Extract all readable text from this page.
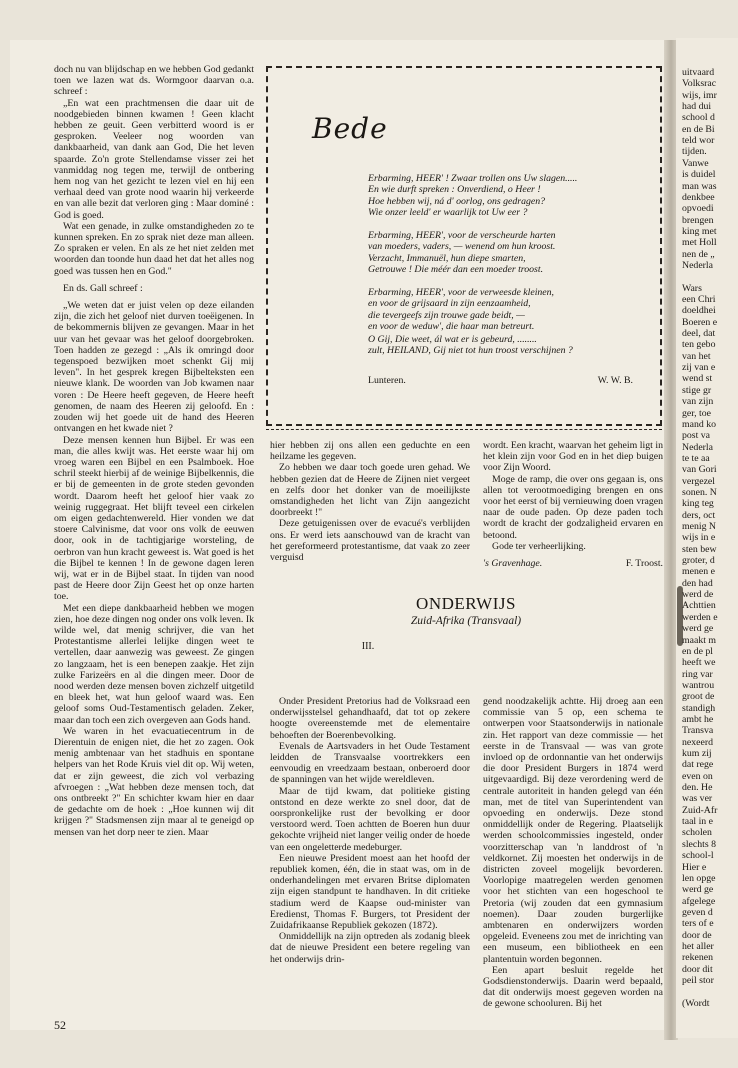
doch nu van blijdschap en we hebben God gedankt toen we lazen wat ds. Wormgoor daarvan o.a. schreef :

„En wat een prachtmensen die daar uit de noodgebieden binnen kwamen ! Geen klacht hebben ze geuit. Geen verbitterd woord is er gesproken. Veeleer nog woorden van dankbaarheid, van dank aan God, Die het leven spaarde. Zo'n grote Stellendamse visser zei het vanmiddag nog tegen me, terwijl de ontbering hem nog van het gezicht te lezen viel en hij een verhaal deed van grote nood waarin hij verkeerde en van alle bezit dat verloren ging : Maar dominé : God is goed.

Wat een genade, in zulke omstandigheden zo te kunnen spreken. En zo sprak niet deze man alleen. Zo spraken er velen. En als ze het niet zelden met woorden dan toonde hun daad het dat het alles nog goed was tussen hen en God."

En ds. Gall schreef :

„We weten dat er juist velen op deze eilanden zijn, die zich het geloof niet durven toeëigenen. In de bekommernis blijven ze gevangen. Maar in het uur van het gevaar was het geloof doorgebroken. Toen hadden ze gezegd : „Als ik omringd door tegenspoed bezwijken moet schenkt Gij mij leven". In het gesprek kregen Bijbelteksten een nieuwe klank. De woorden van Job kwamen naar voren : De Heere heeft gegeven, de Heere heeft genomen, de naam des Heeren zij geloofd. En : zouden wij het goede uit de hand des Heeren ontvangen en het kwade niet ?

Deze mensen kennen hun Bijbel. Er was een man, die alles kwijt was. Het eerste waar hij om vroeg waren een Bijbel en een Psalmboek. Hoe schril steekt hierbij af de weinige Bijbelkennis, die er bij de gemeenten in de grote steden gevonden wordt. Daarom heeft het geloof hier vaak zo weinig ruggegraat. Het blijft teveel een cirkelen om eigen gedachtenwereld. Hier vonden we dat stoere Calvinisme, dat voor ons volk de eeuwen door, ook in de tachtigjarige worsteling, de oerbron van hun kracht geweest is. Wat goed is het die Bijbel te kennen ! In de gewone dagen leren wij, wat er in de Bijbel staat. In tijden van nood past de Heere door Zijn Geest het op onze harten toe.

Met een diepe dankbaarheid hebben we mogen zien, hoe deze dingen nog onder ons volk leven. Ik wilde wel, dat menig schrijver, die van het Protestantisme allerlei lelijke dingen weet te vertellen, daar aanwezig was geweest. Ze gingen zo langzaam, het is een benepen zaakje. Het zijn zulke Farizeërs en al die dingen meer. Door de nood werden deze mensen boven zichzelf uitgetild en bleek het, wat hun geloof waard was. Een geloof soms Oud-Testamentisch geladen. Zeker, maar dan toch een zich overgeven aan Gods hand.

We waren in het evacuatiecentrum in de Dierentuin de enigen niet, die het zo zagen. Ook menig ambtenaar van het stadhuis en spontane helpers van het Rode Kruis viel dit op. Wij weten, dat er zijn geweest, die zich vol verbazing afvroegen : „Wat hebben deze mensen toch, dat ons ontbreekt ?" En schichter kwam hier en daar de gedachte om de hoek : „Hoe kunnen wij dit krijgen ?" Stadsmensen zijn maar al te geneigd op mensen van het dorp neer te zien. Maar

Bede
Erbarming, HEER' ! Zwaar trollen ons Uw slagen.....
En wie durft spreken : Onverdiend, o Heer !
Hoe hebben wij, ná d' oorlog, ons gedragen?
Wie onzer leeld' er waarlijk tot Uw eer ?
Erbarming, HEER', voor de verscheurde harten
van moeders, vaders, — wenend om hun kroost.
Verzacht, Immanuël, hun diepe smarten,
Getrouwe ! Die méér dan een moeder troost.
Erbarming, HEER', voor de verweesde kleinen,
en voor de grijsaard in zijn eenzaamheid,
die tevergeefs zijn trouwe gade beidt, —
en voor de weduw', die haar man betreurt.
O Gij, Die weet, ál wat er is gebeurd, ........
zult, HEILAND, Gij niet tot hun troost verschijnen ?
Lunteren.	W. W. B.

hier hebben zij ons allen een geduchte en een heilzame les gegeven.

Zo hebben we daar toch goede uren gehad. We hebben gezien dat de Heere de Zijnen niet vergeet en zelfs door het donker van de moeilijkste omstandigheden het licht van Zijn aangezicht doorbreekt !"

Deze getuigenissen over de evacué's verblijden ons. Er werd iets aanschouwd van de kracht van het gereformeerd protestantisme, dat vaak zo zeer verguisd

wordt. Een kracht, waarvan het geheim ligt in het klein zijn voor God en in het diep buigen voor Zijn Woord.

Moge de ramp, die over ons gegaan is, ons allen tot verootmoediging brengen en ons voor het eerst of bij vernieuwing doen vragen naar de oude paden. Op deze paden toch wordt de kracht der godzaligheid ervaren en betoond.

Gode ter verheerlijking.

's Gravenhage.	F. Troost.
ONDERWIJS
Zuid-Afrika (Transvaal)
III.

Onder President Pretorius had de Volksraad een onderwijsstelsel gehandhaafd, dat tot op zekere hoogte overeenstemde met de elementaire behoeften der Boerenbevolking.

Evenals de Aartsvaders in het Oude Testament leidden de Transvaalse voortrekkers een eenvoudig en vreedzaam bestaan, onberoerd door de spanningen van het wijde wereldleven.

Maar de tijd kwam, dat politieke gisting ontstond en deze werkte zo snel door, dat de oorspronkelijke rust der bevolking er door verstoord werd. Toen achtten de Boeren hun duur gekochte vrijheid niet langer veilig onder de hoede van een ongeletterde medeburger.

Een nieuwe President moest aan het hoofd der republiek komen, één, die in staat was, om in de onderhandelingen met ervaren Britse diplomaten zijn eigen standpunt te handhaven. In dit critieke stadium werd de Kaapse oud-minister van Eredienst, Thomas F. Burgers, tot President der Zuidafrikaanse Republiek gekozen (1872).

Onmiddellijk na zijn optreden als zodanig bleek dat de nieuwe President een betere regeling van het onderwijs drin-

gend noodzakelijk achtte. Hij droeg aan een commissie van 5 op, een schema te ontwerpen voor Staatsonderwijs in nationale zin. Het rapport van deze commissie — het eerste in de Transvaal — was van grote invloed op de ordonnantie van het onderwijs die door President Burgers in 1874 werd uitgevaardigd. Bij deze verordening werd de centrale autoriteit in handen gelegd van één man, met de titel van Superintendent van opvoeding en onderwijs. Deze stond onmiddellijk onder de Regering. Plaatselijk werden schoolcommissies ingesteld, onder voorzitterschap van 'n landdrost of 'n veldkornet. Zij moesten het onderwijs in de districten zoveel mogelijk bevorderen. Voorlopige maatregelen werden genomen voor het stichten van een hogeschool te Pretoria (wij zouden dat een gymnasium noemen). Daar zouden burgerlijke ambtenaren en onderwijzers worden opgeleid. Eveneens zou met de inrichting van een museum, een bibliotheek en een plantentuin worden begonnen.

Een apart besluit regelde het Godsdienstonderwijs. Daarin werd bepaald, dat dit onderwijs moest gegeven worden na de gewone schooluren. Bij het

52
uitvaard
Volksrac
wijs, imr
had dui
school d
en de Bi
teld wor
tijden.
Vanwe
is duidel
man was
denkbee
opvoedi
brengen
king met
met Holl
nen de „
Nederla
Wars
een Chri
doeldhei
Boeren e
deel, dat
ten gebo
van het
zij van e
wend st
stige gr
van zijn
ger, toe
mand ko
post va
Nederla
te te aa
van Gori
vergezel
sonen. N
king teg
ders, oct
menig N
wijs in e
sten bew
groter, d
menen e
den had
werd de
Achttien
werden e
werd ge
maakt m
en de pl
heeft we
ring var
wantrou
groot de
standigh
ambt he
Transva
nexeerd
kum zij
dat rege
even on
den. He
was ver
Zuid-Afr
taal in e
scholen
slechts 8
school-l
Hier e
len opge
werd ge
afgelege
geven d
ters of e
door de
het aller
rekenen
door dit
peil stor
(Wordt
